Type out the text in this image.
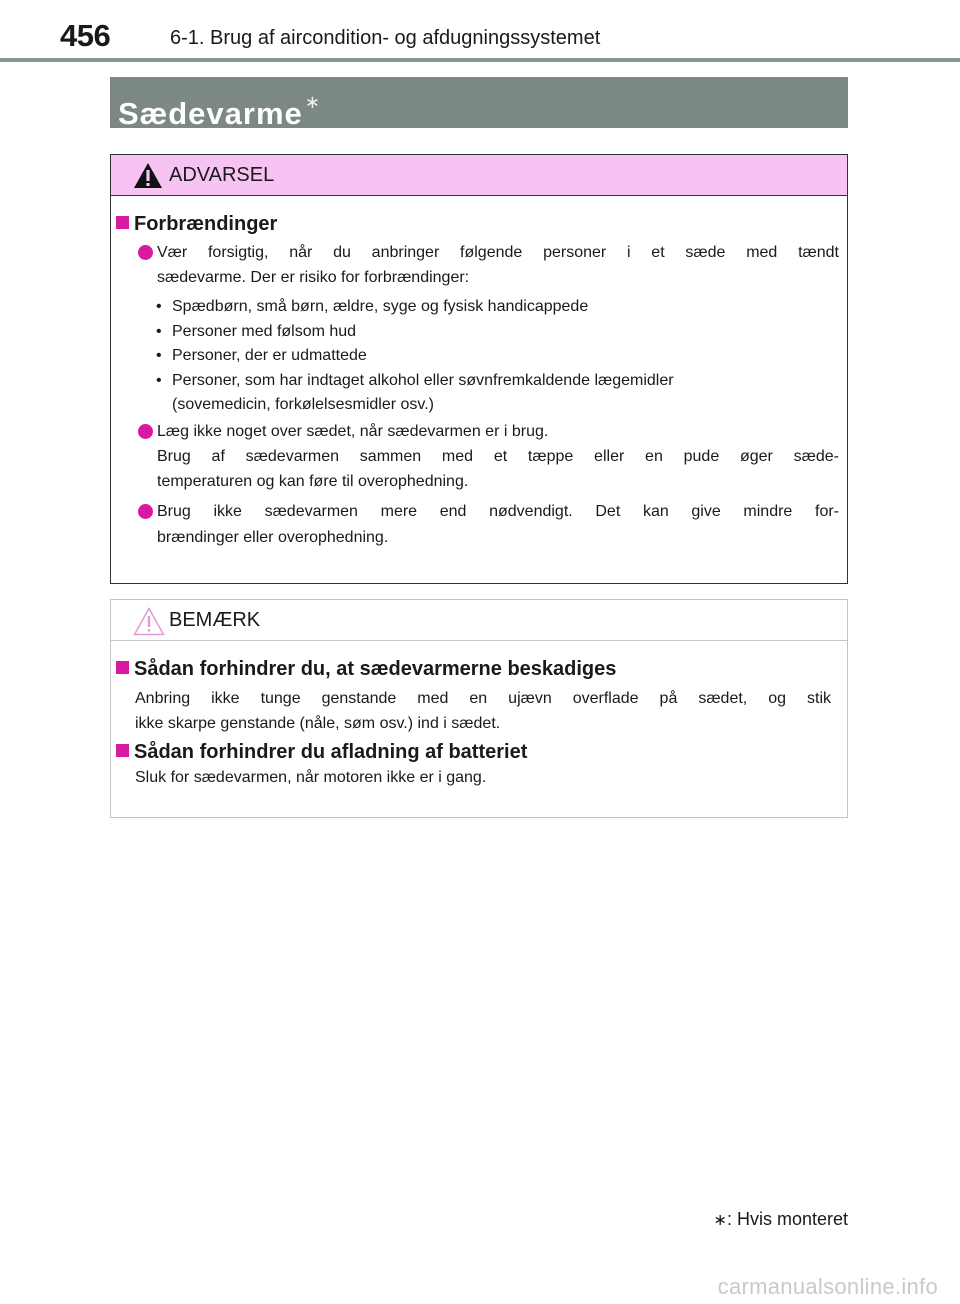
456	6-1. Brug af aircondition- og afdugningssystemet
Sædevarme ∗
ADVARSEL
Forbrændinger
Vær forsigtig, når du anbringer følgende personer i et sæde med tændt
sædevarme. Der er risiko for forbrændinger:
• Spædbørn, små børn, ældre, syge og fysisk handicappede
• Personer med følsom hud
• Personer, der er udmattede
• Personer, som har indtaget alkohol eller søvnfremkaldende lægemidler
(sovemedicin, forkølelsesmidler osv.)
Læg ikke noget over sædet, når sædevarmen er i brug.
Brug af sædevarmen sammen med et tæppe eller en pude øger sæde-
temperaturen og kan føre til overophedning.
Brug ikke sædevarmen mere end nødvendigt. Det kan give mindre for-
brændinger eller overophedning.
BEMÆRK
Sådan forhindrer du, at sædevarmerne beskadiges
Anbring ikke tunge genstande med en ujævn overflade på sædet, og stik
ikke skarpe genstande (nåle, søm osv.) ind i sædet.
Sådan forhindrer du afladning af batteriet
Sluk for sædevarmen, når motoren ikke er i gang.
∗: Hvis monteret
carmanualsonline.info
